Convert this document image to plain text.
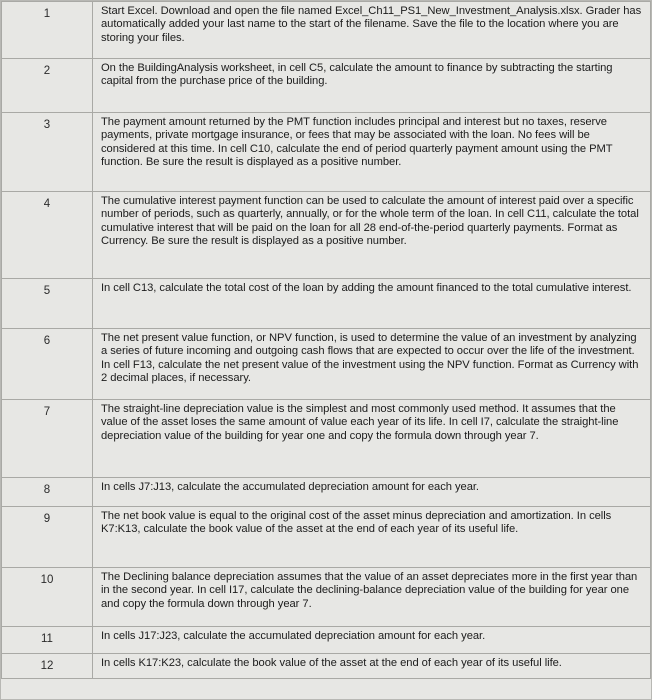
1	Start Excel. Download and open the file named Excel_Ch11_PS1_New_Investment_Analysis.xlsx. Grader has automatically added your last name to the start of the filename. Save the file to the location where you are storing your files.
2	On the BuildingAnalysis worksheet, in cell C5, calculate the amount to finance by subtracting the starting capital from the purchase price of the building.
3	The payment amount returned by the PMT function includes principal and interest but no taxes, reserve payments, private mortgage insurance, or fees that may be associated with the loan. No fees will be considered at this time. In cell C10, calculate the end of period quarterly payment amount using the PMT function. Be sure the result is displayed as a positive number.
4	The cumulative interest payment function can be used to calculate the amount of interest paid over a specific number of periods, such as quarterly, annually, or for the whole term of the loan. In cell C11, calculate the total cumulative interest that will be paid on the loan for all 28 end-of-the-period quarterly payments. Format as Currency. Be sure the result is displayed as a positive number.
5	In cell C13, calculate the total cost of the loan by adding the amount financed to the total cumulative interest.
6	The net present value function, or NPV function, is used to determine the value of an investment by analyzing a series of future incoming and outgoing cash flows that are expected to occur over the life of the investment. In cell F13, calculate the net present value of the investment using the NPV function. Format as Currency with 2 decimal places, if necessary.
7	The straight-line depreciation value is the simplest and most commonly used method. It assumes that the value of the asset loses the same amount of value each year of its life. In cell I7, calculate the straight-line depreciation value of the building for year one and copy the formula down through year 7.
8	In cells J7:J13, calculate the accumulated depreciation amount for each year.
9	The net book value is equal to the original cost of the asset minus depreciation and amortization. In cells K7:K13, calculate the book value of the asset at the end of each year of its useful life.
10	The Declining balance depreciation assumes that the value of an asset depreciates more in the first year than in the second year. In cell I17, calculate the declining-balance depreciation value of the building for year one and copy the formula down through year 7.
11	In cells J17:J23, calculate the accumulated depreciation amount for each year.
12	In cells K17:K23, calculate the book value of the asset at the end of each year of its useful life.
